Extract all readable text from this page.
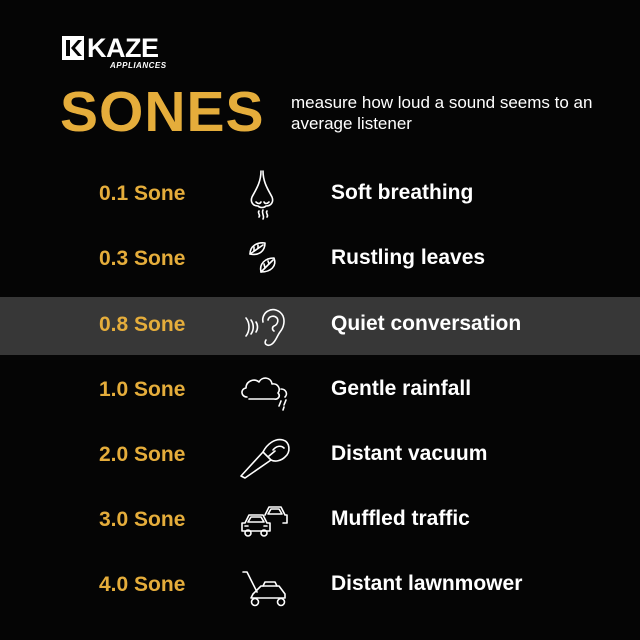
KAZE
APPLIANCES
SONES measure how loud a sound seems to an average listener
0.1 Sone	Soft breathing
0.3 Sone	Rustling leaves
0.8 Sone	Quiet conversation
1.0 Sone	Gentle rainfall
2.0 Sone	Distant vacuum
3.0 Sone	Muffled traffic
4.0 Sone	Distant lawnmower
